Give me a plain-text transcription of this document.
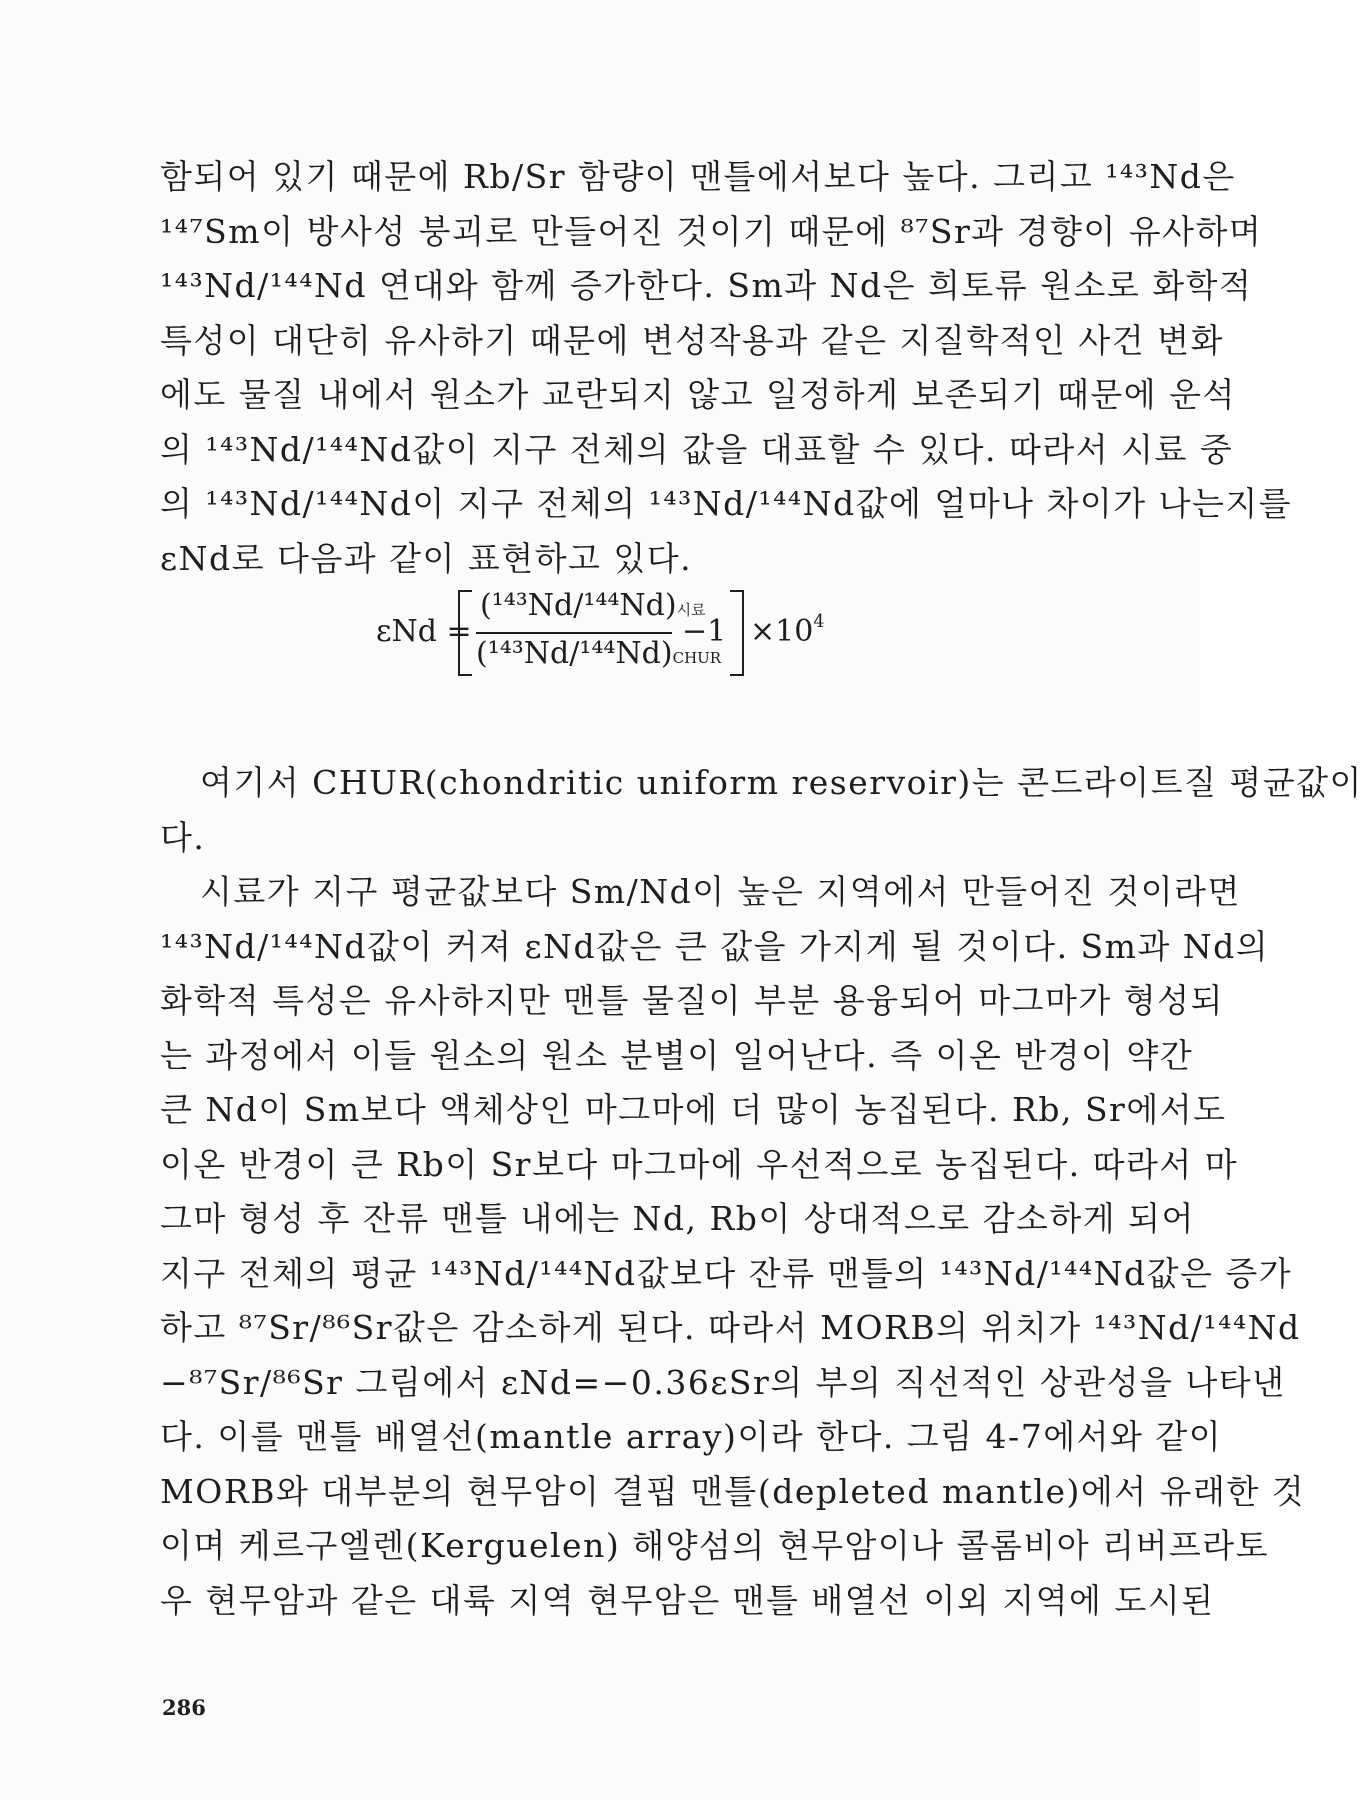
함되어 있기 때문에 Rb/Sr 함량이 맨틀에서보다 높다. 그리고 ¹⁴³Nd은
¹⁴⁷Sm이 방사성 붕괴로 만들어진 것이기 때문에 ⁸⁷Sr과 경향이 유사하며
¹⁴³Nd/¹⁴⁴Nd 연대와 함께 증가한다. Sm과 Nd은 희토류 원소로 화학적
특성이 대단히 유사하기 때문에 변성작용과 같은 지질학적인 사건 변화
에도 물질 내에서 원소가 교란되지 않고 일정하게 보존되기 때문에 운석
의 ¹⁴³Nd/¹⁴⁴Nd값이 지구 전체의 값을 대표할 수 있다. 따라서 시료 중
의 ¹⁴³Nd/¹⁴⁴Nd이 지구 전체의 ¹⁴³Nd/¹⁴⁴Nd값에 얼마나 차이가 나는지를
εNd로 다음과 같이 표현하고 있다.
여기서 CHUR(chondritic uniform reservoir)는 콘드라이트질 평균값이
다.
시료가 지구 평균값보다 Sm/Nd이 높은 지역에서 만들어진 것이라면
¹⁴³Nd/¹⁴⁴Nd값이 커져 εNd값은 큰 값을 가지게 될 것이다. Sm과 Nd의
화학적 특성은 유사하지만 맨틀 물질이 부분 용융되어 마그마가 형성되
는 과정에서 이들 원소의 원소 분별이 일어난다. 즉 이온 반경이 약간
큰 Nd이 Sm보다 액체상인 마그마에 더 많이 농집된다. Rb, Sr에서도
이온 반경이 큰 Rb이 Sr보다 마그마에 우선적으로 농집된다. 따라서 마
그마 형성 후 잔류 맨틀 내에는 Nd, Rb이 상대적으로 감소하게 되어
지구 전체의 평균 ¹⁴³Nd/¹⁴⁴Nd값보다 잔류 맨틀의 ¹⁴³Nd/¹⁴⁴Nd값은 증가
하고 ⁸⁷Sr/⁸⁶Sr값은 감소하게 된다. 따라서 MORB의 위치가 ¹⁴³Nd/¹⁴⁴Nd
−⁸⁷Sr/⁸⁶Sr 그림에서 εNd=−0.36εSr의 부의 직선적인 상관성을 나타낸
다. 이를 맨틀 배열선(mantle array)이라 한다. 그림 4-7에서와 같이
MORB와 대부분의 현무암이 결핍 맨틀(depleted mantle)에서 유래한 것
이며 케르구엘렌(Kerguelen) 해양섬의 현무암이나 콜롬비아 리버프라토
우 현무암과 같은 대륙 지역 현무암은 맨틀 배열선 이외 지역에 도시된
εNd =
(¹⁴³Nd/¹⁴⁴Nd)시료
(¹⁴³Nd/¹⁴⁴Nd)CHUR
$-1 \times 10^4$
286
